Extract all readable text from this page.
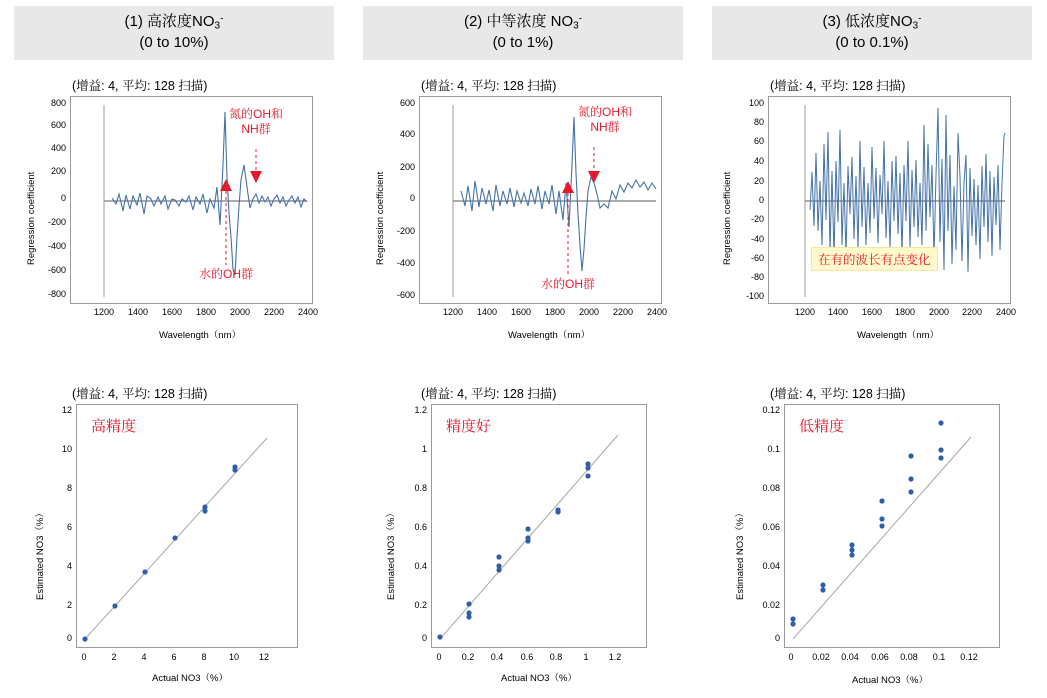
(1) 高浓度$NO_3^-$
(0 to 10%)
(增益: 4, 平均: 128 扫描)
氮的OH和
NH群
水的OH群
800
600
400
200
0
-200
-400
-600
-800
1200	1400	1600	1800	2000	2200	2400
Wavelength（nm）
Regression coefficient
(增益: 4, 平均: 128 扫描)
高精度
12
10
8
6
4
2
0
0	2	4	6	8	10	12
Actual NO3（%）
Estimated NO3（%）
(2) 中等浓度 $NO_3^-$
(0 to 1%)
(增益: 4, 平均: 128 扫描)
氮的OH和
NH群
水的OH群
600
400
200
0
-200
-400
-600
1200	1400	1600	1800	2000	2200	2400
Wavelength（nm）
Regression coefficient
(增益: 4, 平均: 128 扫描)
精度好
1.2
1
0.8
0.6
0.4
0.2
0
0	0.2	0.4	0.6	0.8	1	1.2
Actual NO3（%）
Estimated NO3（%）
(3) 低浓度$NO_3^-$
(0 to 0.1%)
(增益: 4, 平均: 128 扫描)
在有的波长有点变化
100
80
60
40
20
0
-20
-40
-60
-80
-100
1200	1400	1600	1800	2000	2200	2400
Wavelength（nm）
Regression coefficient
(增益: 4, 平均: 128 扫描)
低精度
0.12
0.1
0.08
0.06
0.04
0.02
0
0	0.02	0.04	0.06	0.08	0.1	0.12
Actual NO3（%）
Estimated NO3（%）
